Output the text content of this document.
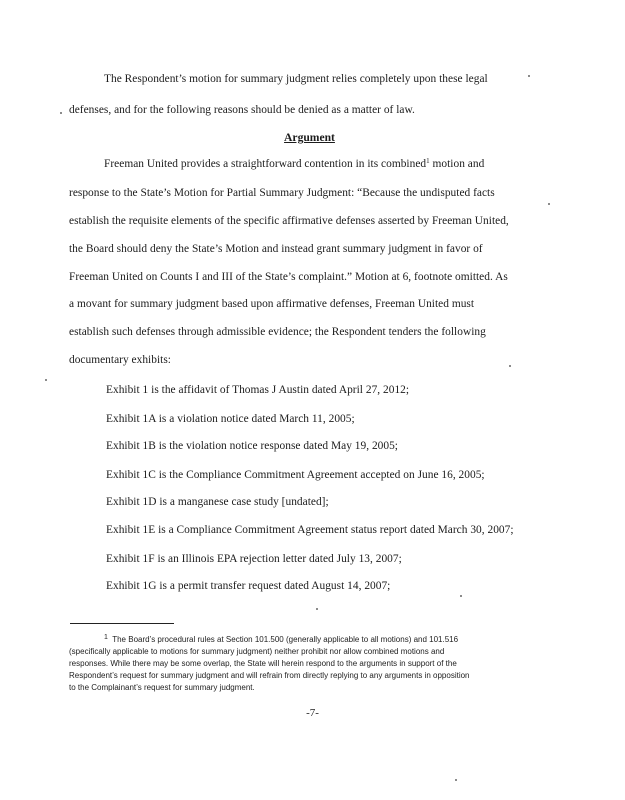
The Respondent’s motion for summary judgment relies completely upon these legal
defenses, and for the following reasons should be denied as a matter of law.
Argument
Freeman United provides a straightforward contention in its combined$^1$ motion and
response to the State’s Motion for Partial Summary Judgment: “Because the undisputed facts
establish the requisite elements of the specific affirmative defenses asserted by Freeman United,
the Board should deny the State’s Motion and instead grant summary judgment in favor of
Freeman United on Counts I and III of the State’s complaint.” Motion at 6, footnote omitted. As
a movant for summary judgment based upon affirmative defenses, Freeman United must
establish such defenses through admissible evidence; the Respondent tenders the following
documentary exhibits:
Exhibit 1 is the affidavit of Thomas J Austin dated April 27, 2012;
Exhibit 1A is a violation notice dated March 11, 2005;
Exhibit 1B is the violation notice response dated May 19, 2005;
Exhibit 1C is the Compliance Commitment Agreement accepted on June 16, 2005;
Exhibit 1D is a manganese case study [undated];
Exhibit 1E is a Compliance Commitment Agreement status report dated March 30, 2007;
Exhibit 1F is an Illinois EPA rejection letter dated July 13, 2007;
Exhibit 1G is a permit transfer request dated August 14, 2007;
$^1$ The Board’s procedural rules at Section 101.500 (generally applicable to all motions) and 101.516
(specifically applicable to motions for summary judgment) neither prohibit nor allow combined motions and
responses. While there may be some overlap, the State will herein respond to the arguments in support of the
Respondent’s request for summary judgment and will refrain from directly replying to any arguments in opposition
to the Complainant’s request for summary judgment.
-7-
